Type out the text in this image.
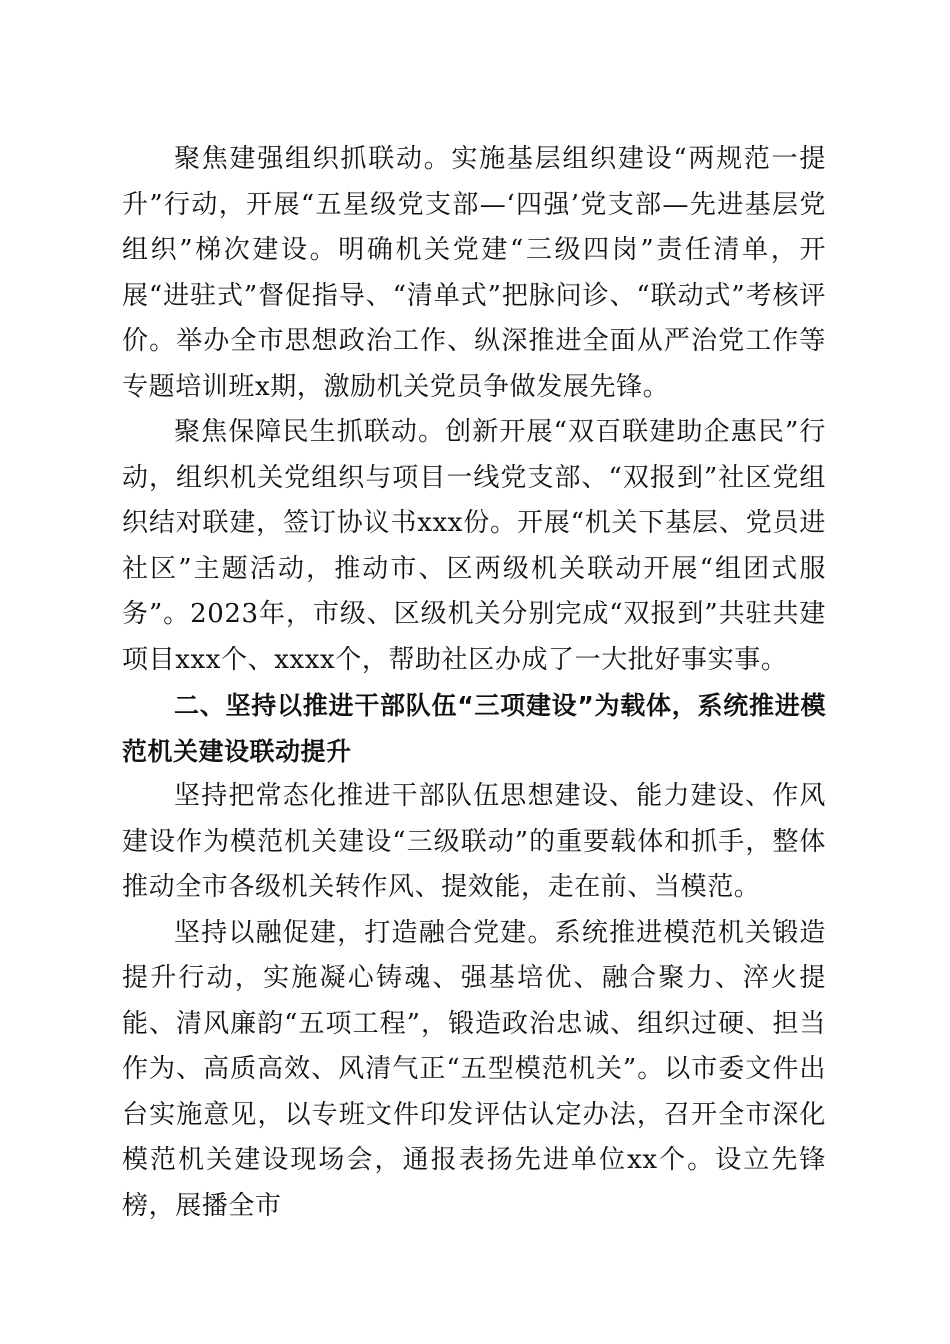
聚焦建强组织抓联动。实施基层组织建设“两规范一提升”行动，开展“五星级党支部—‘四强’党支部—先进基层党组织”梯次建设。明确机关党建“三级四岗”责任清单，开展“进驻式”督促指导、“清单式”把脉问诊、“联动式”考核评价。举办全市思想政治工作、纵深推进全面从严治党工作等专题培训班x期，激励机关党员争做发展先锋。

聚焦保障民生抓联动。创新开展“双百联建助企惠民”行动，组织机关党组织与项目一线党支部、“双报到”社区党组织结对联建，签订协议书xxx份。开展“机关下基层、党员进社区”主题活动，推动市、区两级机关联动开展“组团式服务”。2023年，市级、区级机关分别完成“双报到”共驻共建项目xxx个、xxxx个，帮助社区办成了一大批好事实事。

二、坚持以推进干部队伍“三项建设”为载体，系统推进模范机关建设联动提升

坚持把常态化推进干部队伍思想建设、能力建设、作风建设作为模范机关建设“三级联动”的重要载体和抓手，整体推动全市各级机关转作风、提效能，走在前、当模范。

坚持以融促建，打造融合党建。系统推进模范机关锻造提升行动，实施凝心铸魂、强基培优、融合聚力、淬火提能、清风廉韵“五项工程”，锻造政治忠诚、组织过硬、担当作为、高质高效、风清气正“五型模范机关”。以市委文件出台实施意见，以专班文件印发评估认定办法，召开全市深化模范机关建设现场会，通报表扬先进单位xx个。设立先锋榜，展播全市
